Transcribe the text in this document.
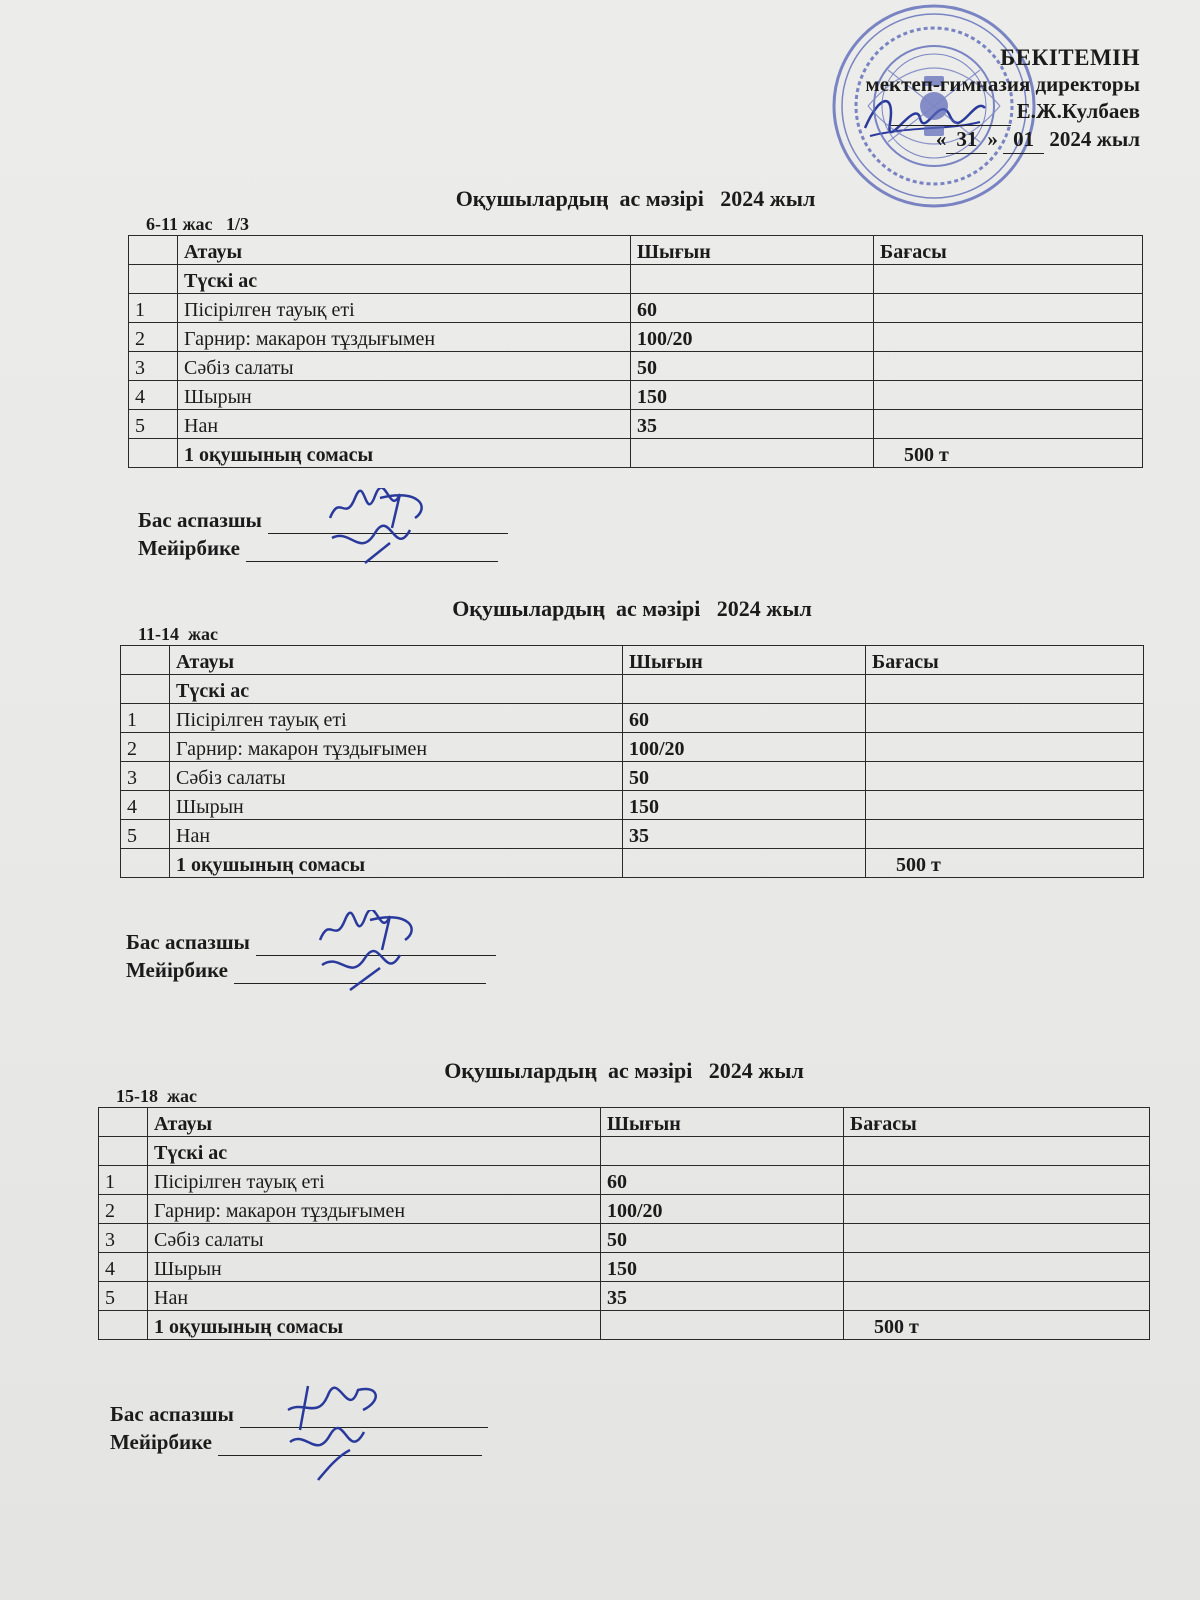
БЕКІТЕМІН
мектеп-гимназия директоры
Е.Ж.Кулбаев
« 31 » 01 2024 жыл
Оқушылардың  ас мәзірі   2024 жыл
6-11 жас   1/3
	Атауы	Шығын	Бағасы
	Түскі ас		
1	Пісірілген тауық еті	60	
2	Гарнир: макарон тұздығымен	100/20	
3	Сәбіз салаты	50	
4	Шырын	150	
5	Нан	35	
	1 оқушының сомасы		500 т
Бас аспазшы
Мейірбике
Оқушылардың  ас мәзірі   2024 жыл
11-14  жас
	Атауы	Шығын	Бағасы
	Түскі ас		
1	Пісірілген тауық еті	60	
2	Гарнир: макарон тұздығымен	100/20	
3	Сәбіз салаты	50	
4	Шырын	150	
5	Нан	35	
	1 оқушының сомасы		500 т
Бас аспазшы
Мейірбике
Оқушылардың  ас мәзірі   2024 жыл
15-18  жас
	Атауы	Шығын	Бағасы
	Түскі ас		
1	Пісірілген тауық еті	60	
2	Гарнир: макарон тұздығымен	100/20	
3	Сәбіз салаты	50	
4	Шырын	150	
5	Нан	35	
	1 оқушының сомасы		500 т
Бас аспазшы
Мейірбике
